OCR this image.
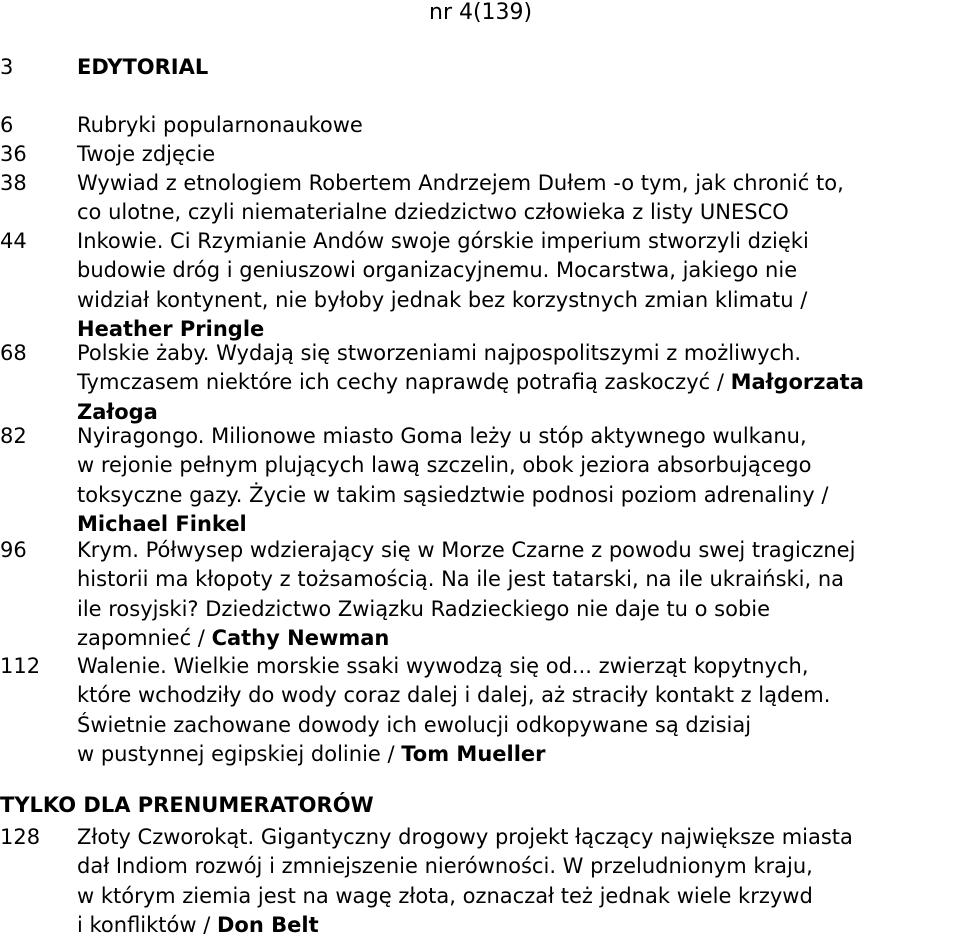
nr 4(139)
3	EDYTORIAL
6	Rubryki popularnonaukowe
36	Twoje zdjęcie
38	Wywiad z etnologiem Robertem Andrzejem Dułem -o tym, jak chronić to,
co ulotne, czyli niematerialne dziedzictwo człowieka z listy UNESCO
44	Inkowie. Ci Rzymianie Andów swoje górskie imperium stworzyli dzięki
budowie dróg i geniuszowi organizacyjnemu. Mocarstwa, jakiego nie
widział kontynent, nie byłoby jednak bez korzystnych zmian klimatu /
Heather Pringle
68	Polskie żaby. Wydają się stworzeniami najpospolitszymi z możliwych.
Tymczasem niektóre ich cechy naprawdę potrafią zaskoczyć / Małgorzata
Załoga
82	Nyiragongo. Milionowe miasto Goma leży u stóp aktywnego wulkanu,
w rejonie pełnym plujących lawą szczelin, obok jeziora absorbującego
toksyczne gazy. Życie w takim sąsiedztwie podnosi poziom adrenaliny /
Michael Finkel
96	Krym. Półwysep wdzierający się w Morze Czarne z powodu swej tragicznej
historii ma kłopoty z tożsamością. Na ile jest tatarski, na ile ukraiński, na
ile rosyjski? Dziedzictwo Związku Radzieckiego nie daje tu o sobie
zapomnieć / Cathy Newman
112	Walenie. Wielkie morskie ssaki wywodzą się od... zwierząt kopytnych,
które wchodziły do wody coraz dalej i dalej, aż straciły kontakt z lądem.
Świetnie zachowane dowody ich ewolucji odkopywane są dzisiaj
w pustynnej egipskiej dolinie / Tom Mueller
TYLKO DLA PRENUMERATORÓW
128	Złoty Czworokąt. Gigantyczny drogowy projekt łączący największe miasta
dał Indiom rozwój i zmniejszenie nierówności. W przeludnionym kraju,
w którym ziemia jest na wagę złota, oznaczał też jednak wiele krzywd
i konfliktów / Don Belt
